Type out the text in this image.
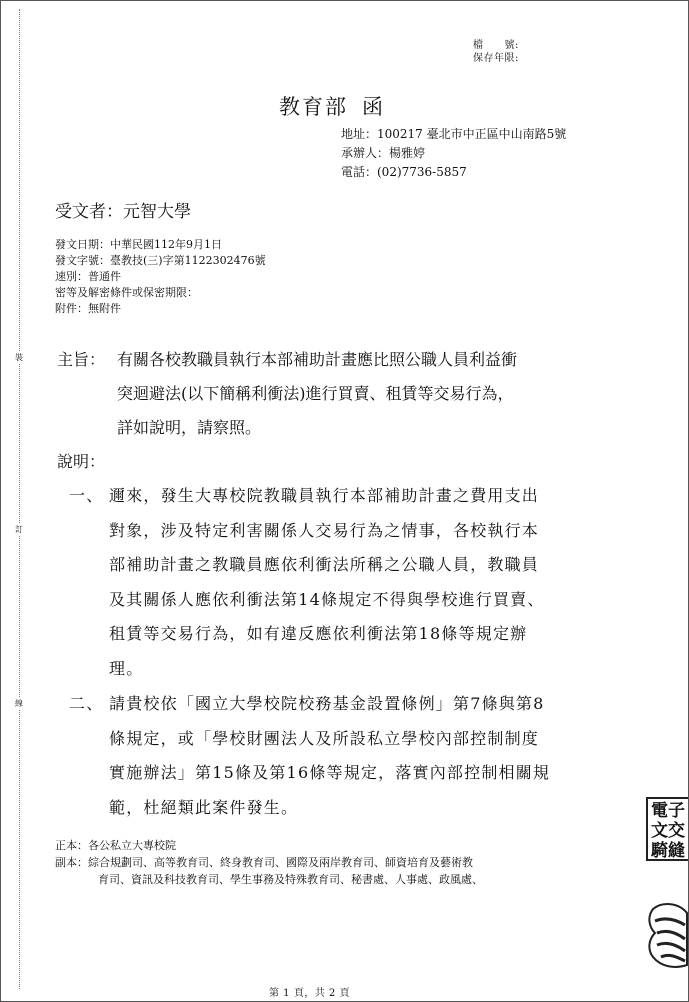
裝
訂
線
檔　　號:
保存年限:
教育部 函
地址：100217 臺北市中正區中山南路5號
承辦人：楊雅婷
電話：(02)7736-5857
受文者：元智大學
發文日期：中華民國112年9月1日
發文字號：臺教技(三)字第1122302476號
速別：普通件
密等及解密條件或保密期限：
附件：無附件
主旨： 有關各校教職員執行本部補助計畫應比照公職人員利益衝
突迴避法(以下簡稱利衝法)進行買賣、租賃等交易行為，
詳如說明，請察照。
說明：
一、 邇來，發生大專校院教職員執行本部補助計畫之費用支出
對象，涉及特定利害關係人交易行為之情事，各校執行本
部補助計畫之教職員應依利衝法所稱之公職人員，教職員
及其關係人應依利衝法第14條規定不得與學校進行買賣、
租賃等交易行為，如有違反應依利衝法第18條等規定辦
理。
二、 請貴校依「國立大學校院校務基金設置條例」第7條與第8
條規定，或「學校財團法人及所設私立學校內部控制制度
實施辦法」第15條及第16條等規定，落實內部控制相關規
範，杜絕類此案件發生。
正本：各公私立大專校院
副本：綜合規劃司、高等教育司、終身教育司、國際及兩岸教育司、師資培育及藝術教
育司、資訊及科技教育司、學生事務及特殊教育司、秘書處、人事處、政風處、
電子
文交
騎縫
第 1 頁，共 2 頁
